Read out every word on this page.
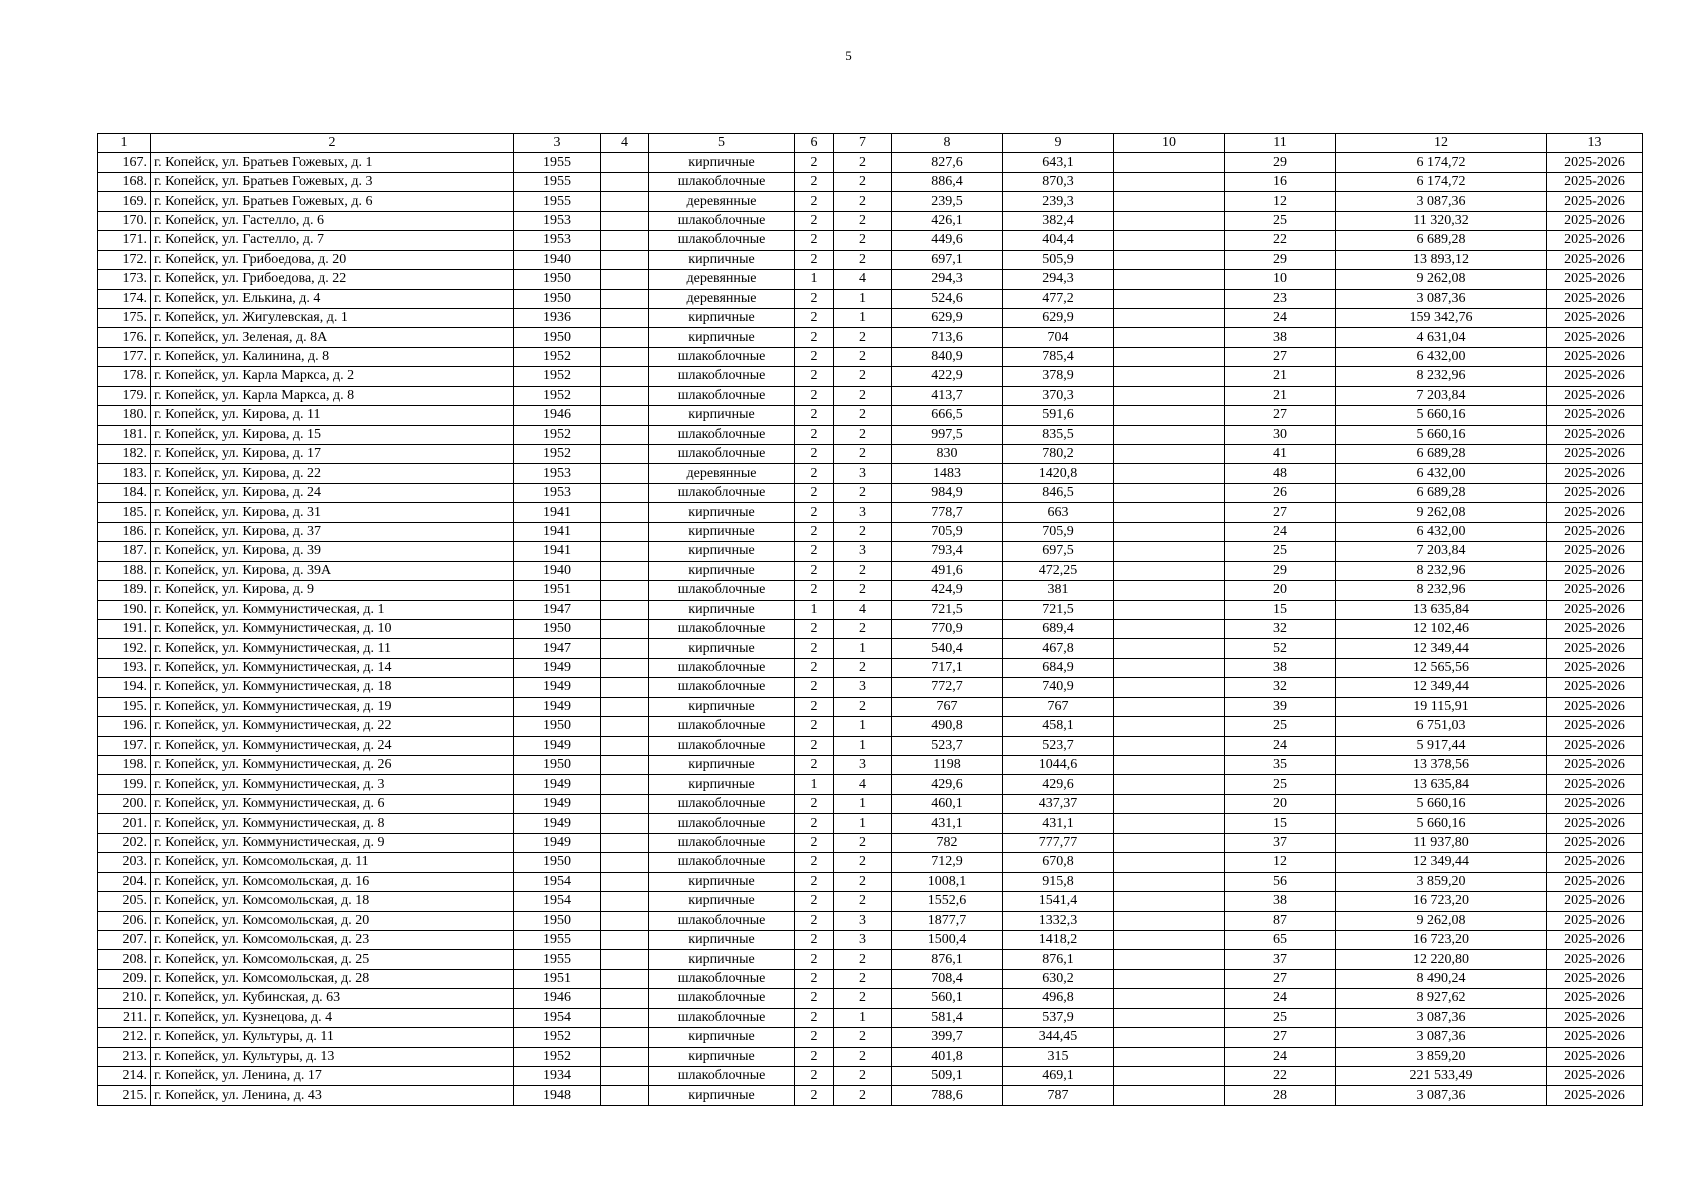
5
1	2	3	4	5	6	7	8	9	10	11	12	13
167.	г. Копейск, ул. Братьев Гожевых, д. 1	1955		кирпичные	2	2	827,6	643,1		29	6 174,72	2025-2026
168.	г. Копейск, ул. Братьев Гожевых, д. 3	1955		шлакоблочные	2	2	886,4	870,3		16	6 174,72	2025-2026
169.	г. Копейск, ул. Братьев Гожевых, д. 6	1955		деревянные	2	2	239,5	239,3		12	3 087,36	2025-2026
170.	г. Копейск, ул. Гастелло, д. 6	1953		шлакоблочные	2	2	426,1	382,4		25	11 320,32	2025-2026
171.	г. Копейск, ул. Гастелло, д. 7	1953		шлакоблочные	2	2	449,6	404,4		22	6 689,28	2025-2026
172.	г. Копейск, ул. Грибоедова, д. 20	1940		кирпичные	2	2	697,1	505,9		29	13 893,12	2025-2026
173.	г. Копейск, ул. Грибоедова, д. 22	1950		деревянные	1	4	294,3	294,3		10	9 262,08	2025-2026
174.	г. Копейск, ул. Елькина, д. 4	1950		деревянные	2	1	524,6	477,2		23	3 087,36	2025-2026
175.	г. Копейск, ул. Жигулевская, д. 1	1936		кирпичные	2	1	629,9	629,9		24	159 342,76	2025-2026
176.	г. Копейск, ул. Зеленая, д. 8А	1950		кирпичные	2	2	713,6	704		38	4 631,04	2025-2026
177.	г. Копейск, ул. Калинина, д. 8	1952		шлакоблочные	2	2	840,9	785,4		27	6 432,00	2025-2026
178.	г. Копейск, ул. Карла Маркса, д. 2	1952		шлакоблочные	2	2	422,9	378,9		21	8 232,96	2025-2026
179.	г. Копейск, ул. Карла Маркса, д. 8	1952		шлакоблочные	2	2	413,7	370,3		21	7 203,84	2025-2026
180.	г. Копейск, ул. Кирова, д. 11	1946		кирпичные	2	2	666,5	591,6		27	5 660,16	2025-2026
181.	г. Копейск, ул. Кирова, д. 15	1952		шлакоблочные	2	2	997,5	835,5		30	5 660,16	2025-2026
182.	г. Копейск, ул. Кирова, д. 17	1952		шлакоблочные	2	2	830	780,2		41	6 689,28	2025-2026
183.	г. Копейск, ул. Кирова, д. 22	1953		деревянные	2	3	1483	1420,8		48	6 432,00	2025-2026
184.	г. Копейск, ул. Кирова, д. 24	1953		шлакоблочные	2	2	984,9	846,5		26	6 689,28	2025-2026
185.	г. Копейск, ул. Кирова, д. 31	1941		кирпичные	2	3	778,7	663		27	9 262,08	2025-2026
186.	г. Копейск, ул. Кирова, д. 37	1941		кирпичные	2	2	705,9	705,9		24	6 432,00	2025-2026
187.	г. Копейск, ул. Кирова, д. 39	1941		кирпичные	2	3	793,4	697,5		25	7 203,84	2025-2026
188.	г. Копейск, ул. Кирова, д. 39А	1940		кирпичные	2	2	491,6	472,25		29	8 232,96	2025-2026
189.	г. Копейск, ул. Кирова, д. 9	1951		шлакоблочные	2	2	424,9	381		20	8 232,96	2025-2026
190.	г. Копейск, ул. Коммунистическая, д. 1	1947		кирпичные	1	4	721,5	721,5		15	13 635,84	2025-2026
191.	г. Копейск, ул. Коммунистическая, д. 10	1950		шлакоблочные	2	2	770,9	689,4		32	12 102,46	2025-2026
192.	г. Копейск, ул. Коммунистическая, д. 11	1947		кирпичные	2	1	540,4	467,8		52	12 349,44	2025-2026
193.	г. Копейск, ул. Коммунистическая, д. 14	1949		шлакоблочные	2	2	717,1	684,9		38	12 565,56	2025-2026
194.	г. Копейск, ул. Коммунистическая, д. 18	1949		шлакоблочные	2	3	772,7	740,9		32	12 349,44	2025-2026
195.	г. Копейск, ул. Коммунистическая, д. 19	1949		кирпичные	2	2	767	767		39	19 115,91	2025-2026
196.	г. Копейск, ул. Коммунистическая, д. 22	1950		шлакоблочные	2	1	490,8	458,1		25	6 751,03	2025-2026
197.	г. Копейск, ул. Коммунистическая, д. 24	1949		шлакоблочные	2	1	523,7	523,7		24	5 917,44	2025-2026
198.	г. Копейск, ул. Коммунистическая, д. 26	1950		кирпичные	2	3	1198	1044,6		35	13 378,56	2025-2026
199.	г. Копейск, ул. Коммунистическая, д. 3	1949		кирпичные	1	4	429,6	429,6		25	13 635,84	2025-2026
200.	г. Копейск, ул. Коммунистическая, д. 6	1949		шлакоблочные	2	1	460,1	437,37		20	5 660,16	2025-2026
201.	г. Копейск, ул. Коммунистическая, д. 8	1949		шлакоблочные	2	1	431,1	431,1		15	5 660,16	2025-2026
202.	г. Копейск, ул. Коммунистическая, д. 9	1949		шлакоблочные	2	2	782	777,77		37	11 937,80	2025-2026
203.	г. Копейск, ул. Комсомольская, д. 11	1950		шлакоблочные	2	2	712,9	670,8		12	12 349,44	2025-2026
204.	г. Копейск, ул. Комсомольская, д. 16	1954		кирпичные	2	2	1008,1	915,8		56	3 859,20	2025-2026
205.	г. Копейск, ул. Комсомольская, д. 18	1954		кирпичные	2	2	1552,6	1541,4		38	16 723,20	2025-2026
206.	г. Копейск, ул. Комсомольская, д. 20	1950		шлакоблочные	2	3	1877,7	1332,3		87	9 262,08	2025-2026
207.	г. Копейск, ул. Комсомольская, д. 23	1955		кирпичные	2	3	1500,4	1418,2		65	16 723,20	2025-2026
208.	г. Копейск, ул. Комсомольская, д. 25	1955		кирпичные	2	2	876,1	876,1		37	12 220,80	2025-2026
209.	г. Копейск, ул. Комсомольская, д. 28	1951		шлакоблочные	2	2	708,4	630,2		27	8 490,24	2025-2026
210.	г. Копейск, ул. Кубинская, д. 63	1946		шлакоблочные	2	2	560,1	496,8		24	8 927,62	2025-2026
211.	г. Копейск, ул. Кузнецова, д. 4	1954		шлакоблочные	2	1	581,4	537,9		25	3 087,36	2025-2026
212.	г. Копейск, ул. Культуры, д. 11	1952		кирпичные	2	2	399,7	344,45		27	3 087,36	2025-2026
213.	г. Копейск, ул. Культуры, д. 13	1952		кирпичные	2	2	401,8	315		24	3 859,20	2025-2026
214.	г. Копейск, ул. Ленина, д. 17	1934		шлакоблочные	2	2	509,1	469,1		22	221 533,49	2025-2026
215.	г. Копейск, ул. Ленина, д. 43	1948		кирпичные	2	2	788,6	787		28	3 087,36	2025-2026
